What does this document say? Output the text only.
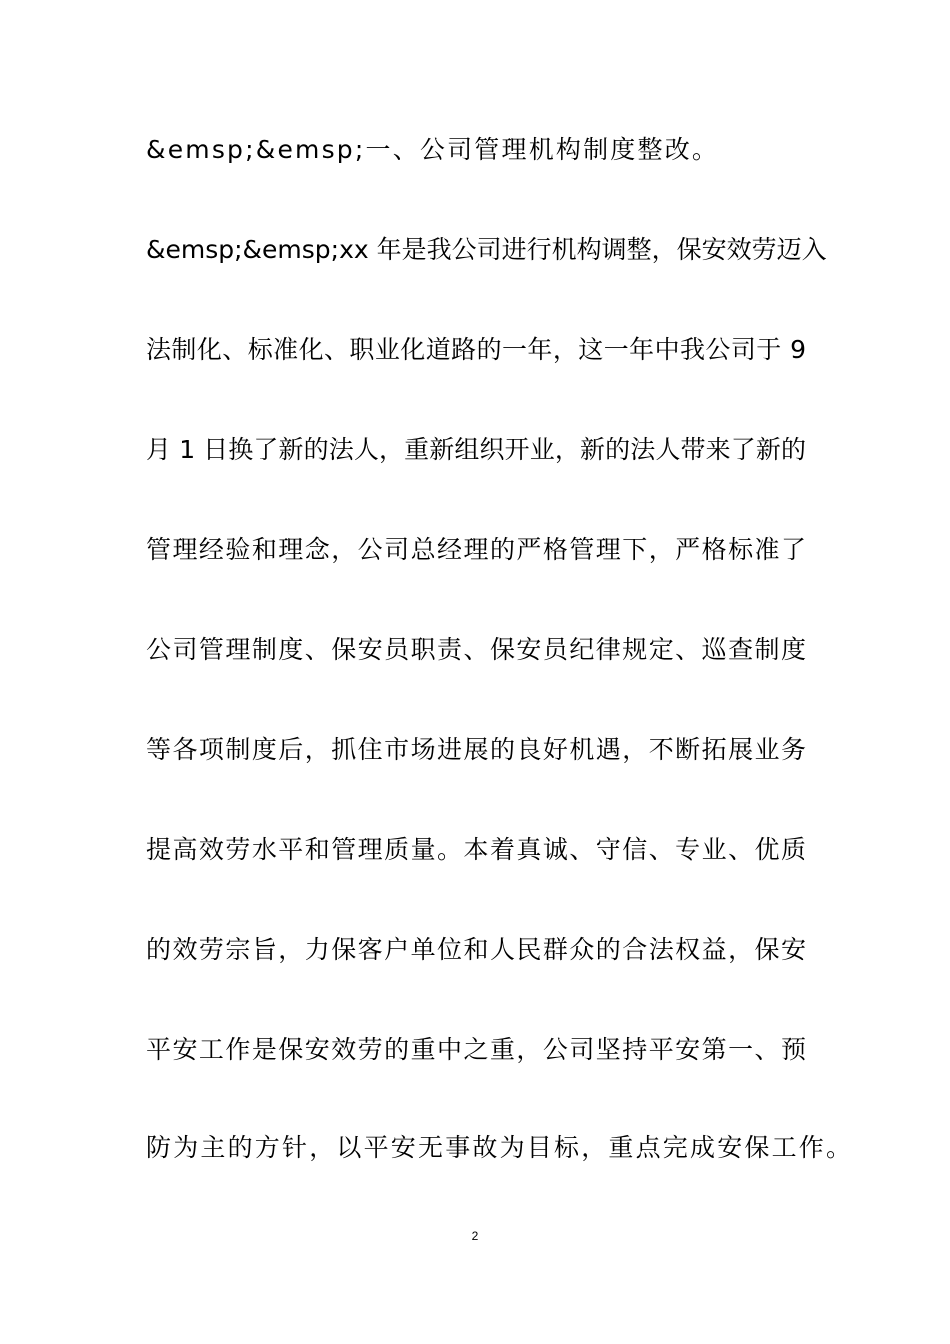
&emsp;&emsp;一、公司管理机构制度整改。
&emsp;&emsp;xx 年是我公司进行机构调整，保安效劳迈入
法制化、标准化、职业化道路的一年，这一年中我公司于 9
月 1 日换了新的法人，重新组织开业，新的法人带来了新的
管理经验和理念，公司总经理的严格管理下，严格标准了
公司管理制度、保安员职责、保安员纪律规定、巡查制度
等各项制度后，抓住市场进展的良好机遇，不断拓展业务
提高效劳水平和管理质量。本着真诚、守信、专业、优质
的效劳宗旨，力保客户单位和人民群众的合法权益，保安
平安工作是保安效劳的重中之重，公司坚持平安第一、预
防为主的方针，以平安无事故为目标，重点完成安保工作。
2
